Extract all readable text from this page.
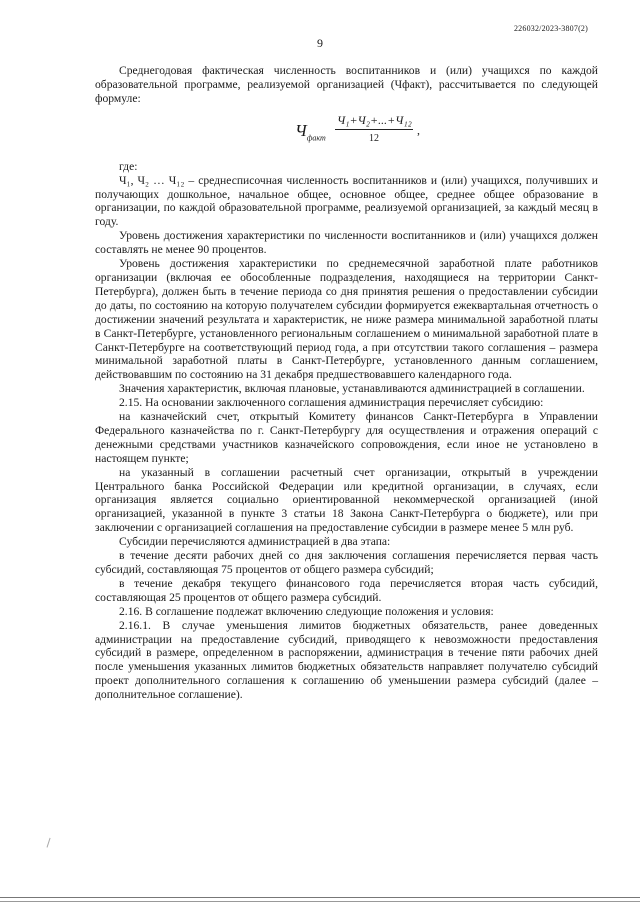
226032/2023-3807(2)
9

Среднегодовая фактическая численность воспитанников и (или) учащихся по каждой образовательной программе, реализуемой организацией (Чфакт), рассчитывается по следующей формуле:

$Ч_{факт}$
Ч₁+Ч₂+...+Ч₁₂
12
,

где:

Ч₁, Ч₂ … Ч₁₂ – среднесписочная численность воспитанников и (или) учащихся, получивших и получающих дошкольное, начальное общее, основное общее, среднее общее образование в организации, по каждой образовательной программе, реализуемой организацией, за каждый месяц в году.

Уровень достижения характеристики по численности воспитанников и (или) учащихся должен составлять не менее 90 процентов.

Уровень достижения характеристики по среднемесячной заработной плате работников организации (включая ее обособленные подразделения, находящиеся на территории Санкт-Петербурга), должен быть в течение периода со дня принятия решения о предоставлении субсидии до даты, по состоянию на которую получателем субсидии формируется ежеквартальная отчетность о достижении значений результата и характеристик, не ниже размера минимальной заработной платы в Санкт-Петербурге, установленного региональным соглашением о минимальной заработной плате в Санкт-Петербурге на соответствующий период года, а при отсутствии такого соглашения – размера минимальной заработной платы в Санкт-Петербурге, установленного данным соглашением, действовавшим по состоянию на 31 декабря предшествовавшего календарного года.

Значения характеристик, включая плановые, устанавливаются администрацией в соглашении.

2.15. На основании заключенного соглашения администрация перечисляет субсидию:

на казначейский счет, открытый Комитету финансов Санкт-Петербурга в Управлении Федерального казначейства по г. Санкт-Петербургу для осуществления и отражения операций с денежными средствами участников казначейского сопровождения, если иное не установлено в настоящем пункте;

на указанный в соглашении расчетный счет организации, открытый в учреждении Центрального банка Российской Федерации или кредитной организации, в случаях, если организация является социально ориентированной некоммерческой организацией (иной организацией, указанной в пункте 3 статьи 18 Закона Санкт-Петербурга о бюджете), или при заключении с организацией соглашения на предоставление субсидии в размере менее 5 млн руб.

Субсидии перечисляются администрацией в два этапа:

в течение десяти рабочих дней со дня заключения соглашения перечисляется первая часть субсидий, составляющая 75 процентов от общего размера субсидий;

в течение декабря текущего финансового года перечисляется вторая часть субсидий, составляющая 25 процентов от общего размера субсидий.

2.16. В соглашение подлежат включению следующие положения и условия:

2.16.1. В случае уменьшения лимитов бюджетных обязательств, ранее доведенных администрации на предоставление субсидий, приводящего к невозможности предоставления субсидий в размере, определенном в распоряжении, администрация в течение пяти рабочих дней после уменьшения указанных лимитов бюджетных обязательств направляет получателю субсидий проект дополнительного соглашения к соглашению об уменьшении размера субсидий (далее – дополнительное соглашение).
